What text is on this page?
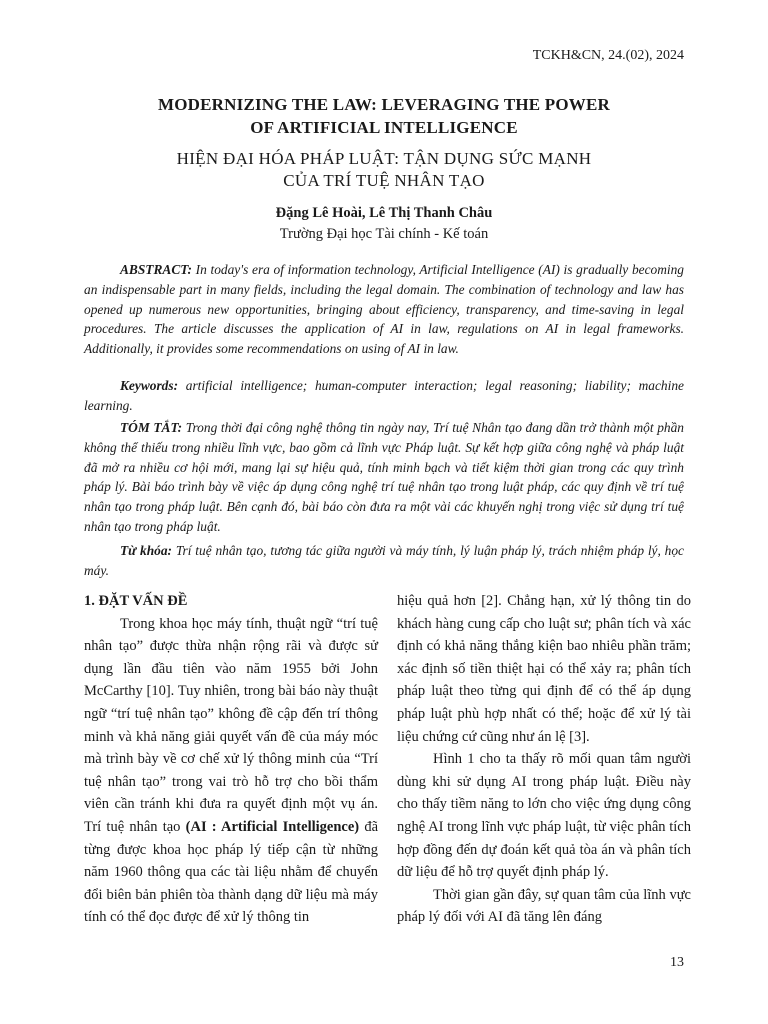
TCKH&CN, 24.(02), 2024
MODERNIZING THE LAW: LEVERAGING THE POWER
OF ARTIFICIAL INTELLIGENCE
HIỆN ĐẠI HÓA PHÁP LUẬT: TẬN DỤNG SỨC MẠNH
CỦA TRÍ TUỆ NHÂN TẠO
Đặng Lê Hoài, Lê Thị Thanh Châu
Trường Đại học Tài chính - Kế toán

ABSTRACT: In today's era of information technology, Artificial Intelligence (AI) is gradually becoming an indispensable part in many fields, including the legal domain. The combination of technology and law has opened up numerous new opportunities, bringing about efficiency, transparency, and time-saving in legal procedures. The article discusses the application of AI in law, regulations on AI in legal frameworks. Additionally, it provides some recommendations on using of AI in law.

Keywords: artificial intelligence; human-computer interaction; legal reasoning; liability; machine learning.

TÓM TẮT: Trong thời đại công nghệ thông tin ngày nay, Trí tuệ Nhân tạo đang dần trở thành một phần không thể thiếu trong nhiều lĩnh vực, bao gồm cả lĩnh vực Pháp luật. Sự kết hợp giữa công nghệ và pháp luật đã mở ra nhiều cơ hội mới, mang lại sự hiệu quả, tính minh bạch và tiết kiệm thời gian trong các quy trình pháp lý. Bài báo trình bày về việc áp dụng công nghệ trí tuệ nhân tạo trong luật pháp, các quy định về trí tuệ nhân tạo trong pháp luật. Bên cạnh đó, bài báo còn đưa ra một vài các khuyến nghị trong việc sử dụng trí tuệ nhân tạo trong pháp luật.

Từ khóa: Trí tuệ nhân tạo, tương tác giữa người và máy tính, lý luận pháp lý, trách nhiệm pháp lý, học máy.

1. ĐẶT VẤN ĐỀ

Trong khoa học máy tính, thuật ngữ “trí tuệ nhân tạo” được thừa nhận rộng rãi và được sử dụng lần đầu tiên vào năm 1955 bởi John McCarthy [10]. Tuy nhiên, trong bài báo này thuật ngữ “trí tuệ nhân tạo” không đề cập đến trí thông minh và khả năng giải quyết vấn đề của máy móc mà trình bày về cơ chế xử lý thông minh của “Trí tuệ nhân tạo” trong vai trò hỗ trợ cho bồi thẩm viên cần tránh khi đưa ra quyết định một vụ án. Trí tuệ nhân tạo (AI : Artificial Intelligence) đã từng được khoa học pháp lý tiếp cận từ những năm 1960 thông qua các tài liệu nhằm để chuyển đổi biên bản phiên tòa thành dạng dữ liệu mà máy tính có thể đọc được để xử lý thông tin

hiệu quả hơn [2]. Chẳng hạn, xử lý thông tin do khách hàng cung cấp cho luật sư; phân tích và xác định có khả năng thắng kiện bao nhiêu phần trăm; xác định số tiền thiệt hại có thể xảy ra; phân tích pháp luật theo từng qui định để có thể áp dụng pháp luật phù hợp nhất có thể; hoặc để xử lý tài liệu chứng cứ cũng như án lệ [3].

Hình 1 cho ta thấy rõ mối quan tâm người dùng khi sử dụng AI trong pháp luật. Điều này cho thấy tiềm năng to lớn cho việc ứng dụng công nghệ AI trong lĩnh vực pháp luật, từ việc phân tích hợp đồng đến dự đoán kết quả tòa án và phân tích dữ liệu để hỗ trợ quyết định pháp lý.

Thời gian gần đây, sự quan tâm của lĩnh vực pháp lý đối với AI đã tăng lên đáng

13
